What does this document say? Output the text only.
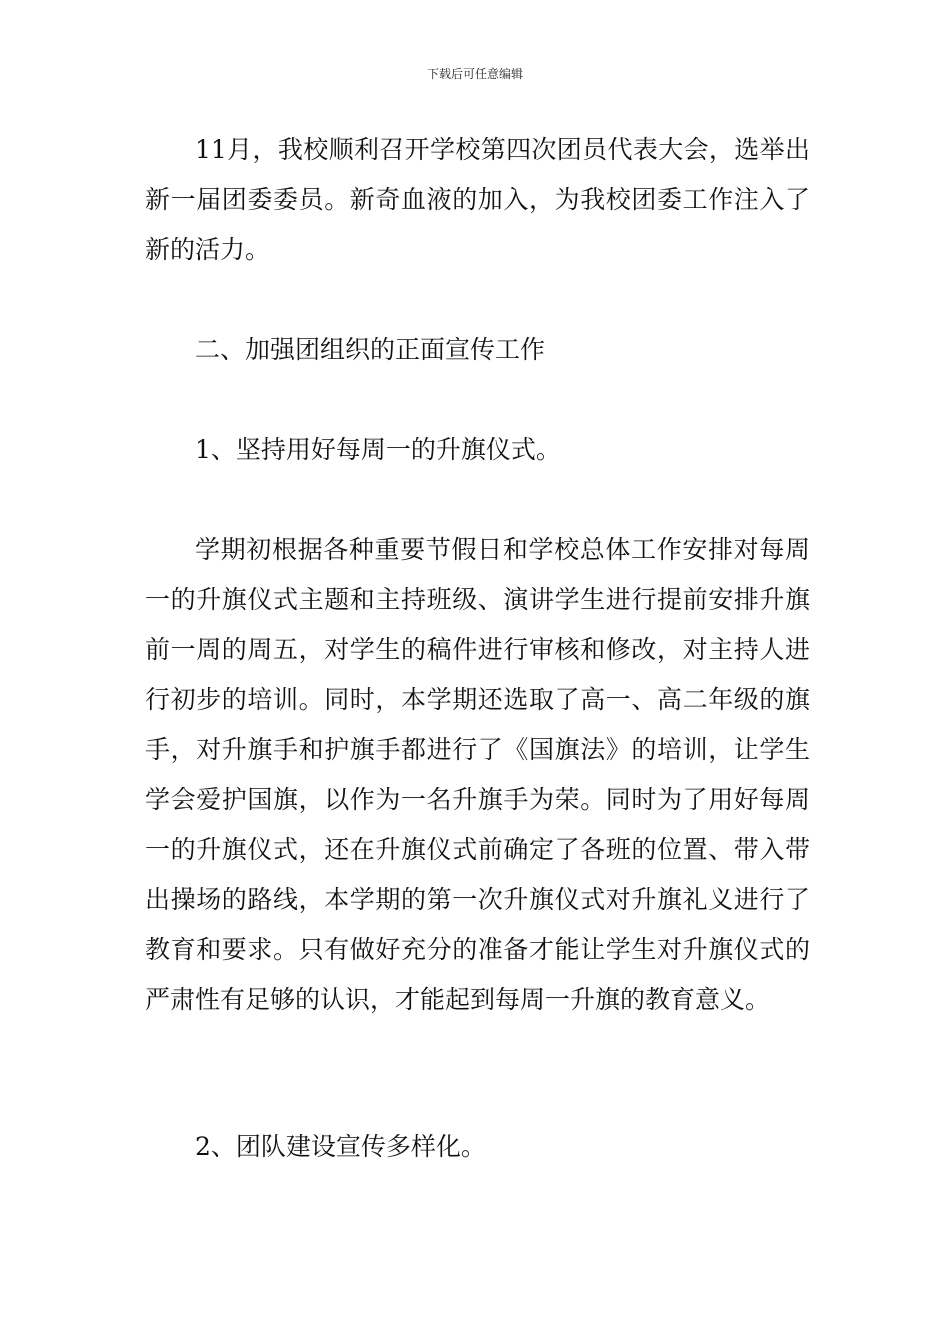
下载后可任意编辑

11月，我校顺利召开学校第四次团员代表大会，选举出新一届团委委员。新奇血液的加入，为我校团委工作注入了新的活力。

二、加强团组织的正面宣传工作

1、坚持用好每周一的升旗仪式。

学期初根据各种重要节假日和学校总体工作安排对每周一的升旗仪式主题和主持班级、演讲学生进行提前安排升旗前一周的周五，对学生的稿件进行审核和修改，对主持人进行初步的培训。同时，本学期还选取了高一、高二年级的旗手，对升旗手和护旗手都进行了《国旗法》的培训，让学生学会爱护国旗，以作为一名升旗手为荣。同时为了用好每周一的升旗仪式，还在升旗仪式前确定了各班的位置、带入带出操场的路线，本学期的第一次升旗仪式对升旗礼义进行了教育和要求。只有做好充分的准备才能让学生对升旗仪式的严肃性有足够的认识，才能起到每周一升旗的教育意义。

2、团队建设宣传多样化。
